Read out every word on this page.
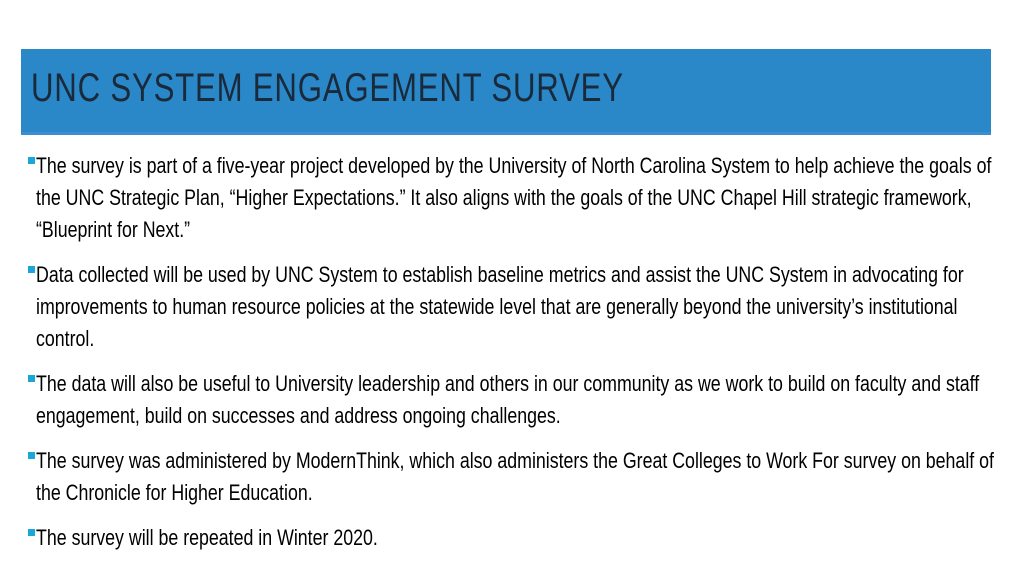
UNC SYSTEM ENGAGEMENT SURVEY
The survey is part of a five-year project developed by the University of North Carolina System to help achieve the goals of the UNC Strategic Plan, “Higher Expectations.” It also aligns with the goals of the UNC Chapel Hill strategic framework, “Blueprint for Next.”
Data collected will be used by UNC System to establish baseline metrics and assist the UNC System in advocating for improvements to human resource policies at the statewide level that are generally beyond the university’s institutional control.
The data will also be useful to University leadership and others in our community as we work to build on faculty and staff engagement, build on successes and address ongoing challenges.
The survey was administered by ModernThink, which also administers the Great Colleges to Work For survey on behalf of the Chronicle for Higher Education.
The survey will be repeated in Winter 2020.
